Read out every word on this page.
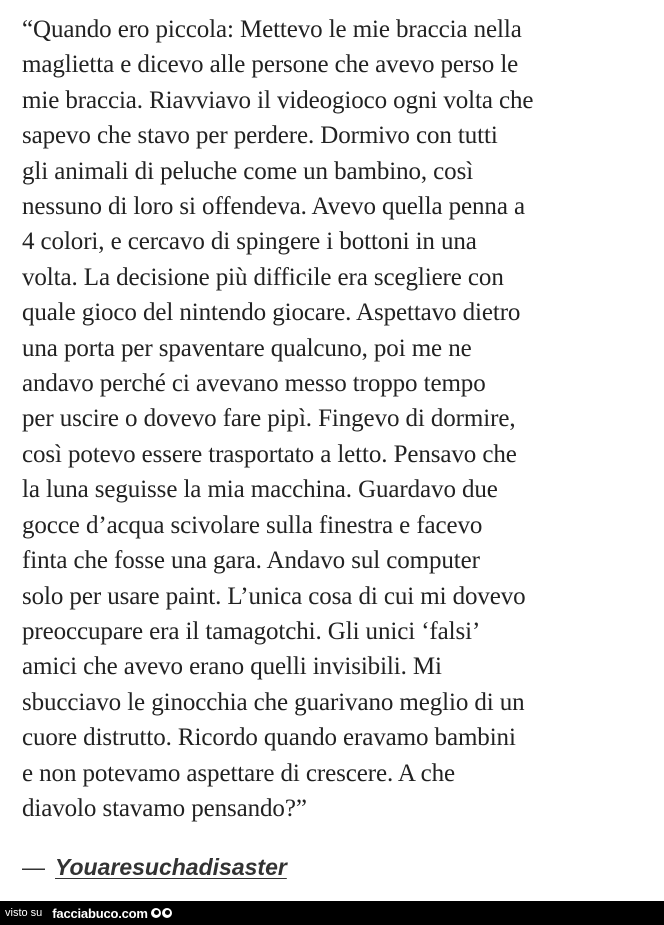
“Quando ero piccola: Mettevo le mie braccia nella
maglietta e dicevo alle persone che avevo perso le
mie braccia. Riavviavo il videogioco ogni volta che
sapevo che stavo per perdere. Dormivo con tutti
gli animali di peluche come un bambino, così
nessuno di loro si offendeva. Avevo quella penna a
4 colori, e cercavo di spingere i bottoni in una
volta. La decisione più difficile era scegliere con
quale gioco del nintendo giocare. Aspettavo dietro
una porta per spaventare qualcuno, poi me ne
andavo perché ci avevano messo troppo tempo
per uscire o dovevo fare pipì. Fingevo di dormire,
così potevo essere trasportato a letto. Pensavo che
la luna seguisse la mia macchina. Guardavo due
gocce d’acqua scivolare sulla finestra e facevo
finta che fosse una gara. Andavo sul computer
solo per usare paint. L’unica cosa di cui mi dovevo
preoccupare era il tamagotchi. Gli unici ‘falsi’
amici che avevo erano quelli invisibili. Mi
sbucciavo le ginocchia che guarivano meglio di un
cuore distrutto. Ricordo quando eravamo bambini
e non potevamo aspettare di crescere. A che
diavolo stavamo pensando?”
— Youaresuchadisaster
visto su facciabuco.com
